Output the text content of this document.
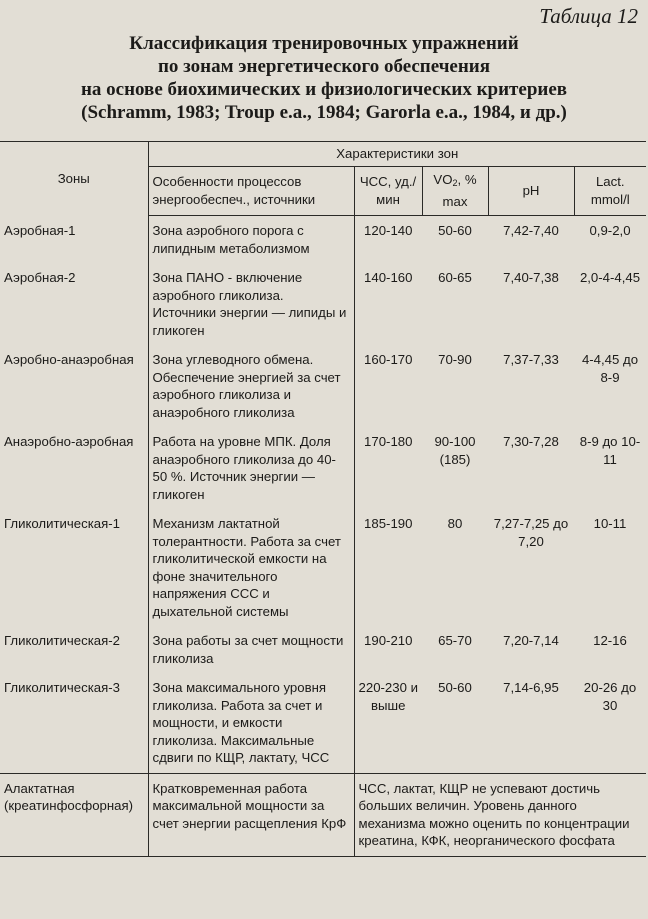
Таблица 12
Классификация тренировочных упражнений
по зонам энергетического обеспечения
на основе биохимических и физиологических критериев
(Schramm, 1983; Troup e.a., 1984; Garorla e.a., 1984, и др.)
Зоны	Характеристики зон				
	Особенности процессов энергообеспеч., источники	ЧСС, уд./мин	$VO_2$, % max	pH	Lact. mmol/l
Аэробная-1	Зона аэробного порога с липидным метаболизмом	120-140	50-60	7,42-7,40	0,9-2,0
Аэробная-2	Зона ПАНО - включение аэробного гликолиза. Источники энергии — липиды и гликоген	140-160	60-65	7,40-7,38	2,0-4-4,45
Аэробно-анаэробная	Зона углеводного обмена. Обеспечение энергией за счет аэробного гликолиза и анаэробного гликолиза	160-170	70-90	7,37-7,33	4-4,45 до 8-9
Анаэробно-аэробная	Работа на уровне МПК. Доля анаэробного гликолиза до 40-50 %. Источник энергии — гликоген	170-180	90-100 (185)	7,30-7,28	8-9 до 10-11
Гликолитическая-1	Механизм лактатной толерантности. Работа за счет гликолитической емкости на фоне значительного напряжения ССС и дыхательной системы	185-190	80	7,27-7,25 до 7,20	10-11
Гликолитическая-2	Зона работы за счет мощности гликолиза	190-210	65-70	7,20-7,14	12-16
Гликолитическая-3	Зона максимального уровня гликолиза. Работа за счет и мощности, и емкости гликолиза. Максимальные сдвиги по КЩР, лактату, ЧСС	220-230 и выше	50-60	7,14-6,95	20-26 до 30
Алактатная (креатинфосфорная)	Кратковременная работа максимальной мощности за счет энергии расщепления КрФ	ЧСС, лактат, КЩР не успевают достичь больших величин. Уровень данного механизма можно оценить по концентрации креатина, КФК, неорганического фосфата			
